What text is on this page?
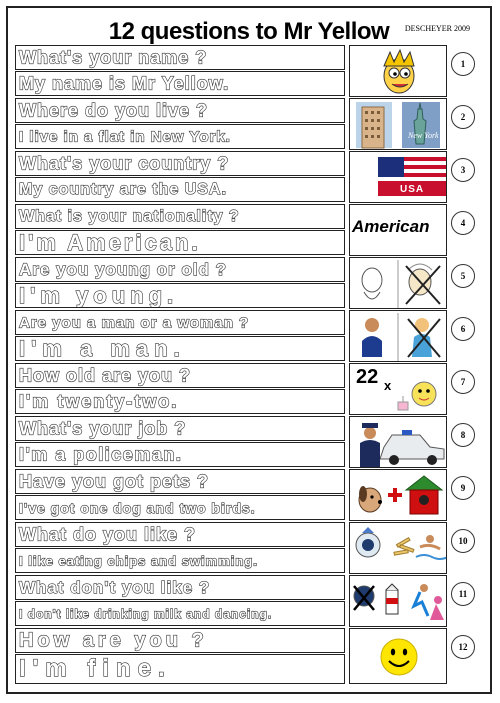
12 questions to Mr Yellow	DESCHEYER 2009
What's your name ?
My name is Mr Yellow.
1
Where do you live ?
I live in a flat in New York.	New York
2
What's your country ?
My country are the USA.	USA
3
What is your nationality ?
I'm American.
American	4
Are you young or old ?
I'm young.
5
Are you a man or a woman ?
I'm a man.
6
How old are you ?
I'm twenty-two.
22 x	7
What's your job ?
I'm a policeman.
8
Have you got pets ?
I've got one dog and two birds.
9
What do you like ?
I like eating chips and swimming.
10
What don't you like ?
I don't like drinking milk and dancing.
11
How are you ?
I'm fine.
12
